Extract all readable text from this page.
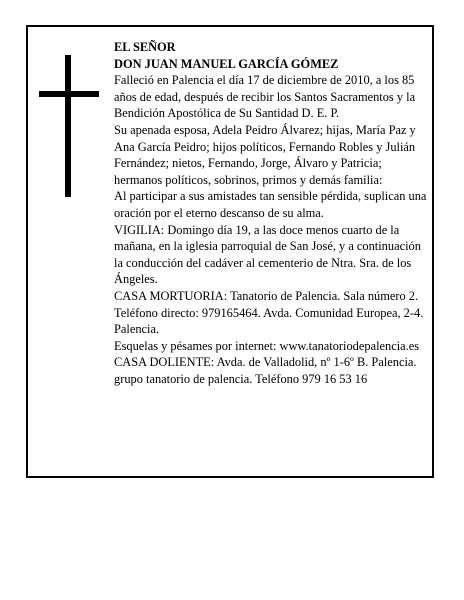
EL SEÑOR

DON JUAN MANUEL GARCÍA GÓMEZ

Falleció en Palencia el día 17 de diciembre de 2010, a los 85 años de edad, después de recibir los Santos Sacramentos y la Bendición Apostólica de Su Santidad D. E. P.

Su apenada esposa, Adela Peidro Álvarez; hijas, María Paz y Ana García Peidro; hijos políticos, Fernando Robles y Julián Fernández; nietos, Fernando, Jorge, Álvaro y Patricia; hermanos políticos, sobrinos, primos y demás familia:

Al participar a sus amistades tan sensible pérdida, suplican una oración por el eterno descanso de su alma.

VIGILIA: Domingo día 19, a las doce menos cuarto de la mañana, en la iglesia parroquial de San José, y a continuación la conducción del cadáver al cementerio de Ntra. Sra. de los Ángeles.

CASA MORTUORIA: Tanatorio de Palencia. Sala número 2. Teléfono directo: 979165464. Avda. Comunidad Europea, 2-4. Palencia.

Esquelas y pésames por internet: www.tanatoriodepalencia.es

CASA DOLIENTE: Avda. de Valladolid, nº 1-6º B. Palencia.

grupo tanatorio de palencia. Teléfono 979 16 53 16
